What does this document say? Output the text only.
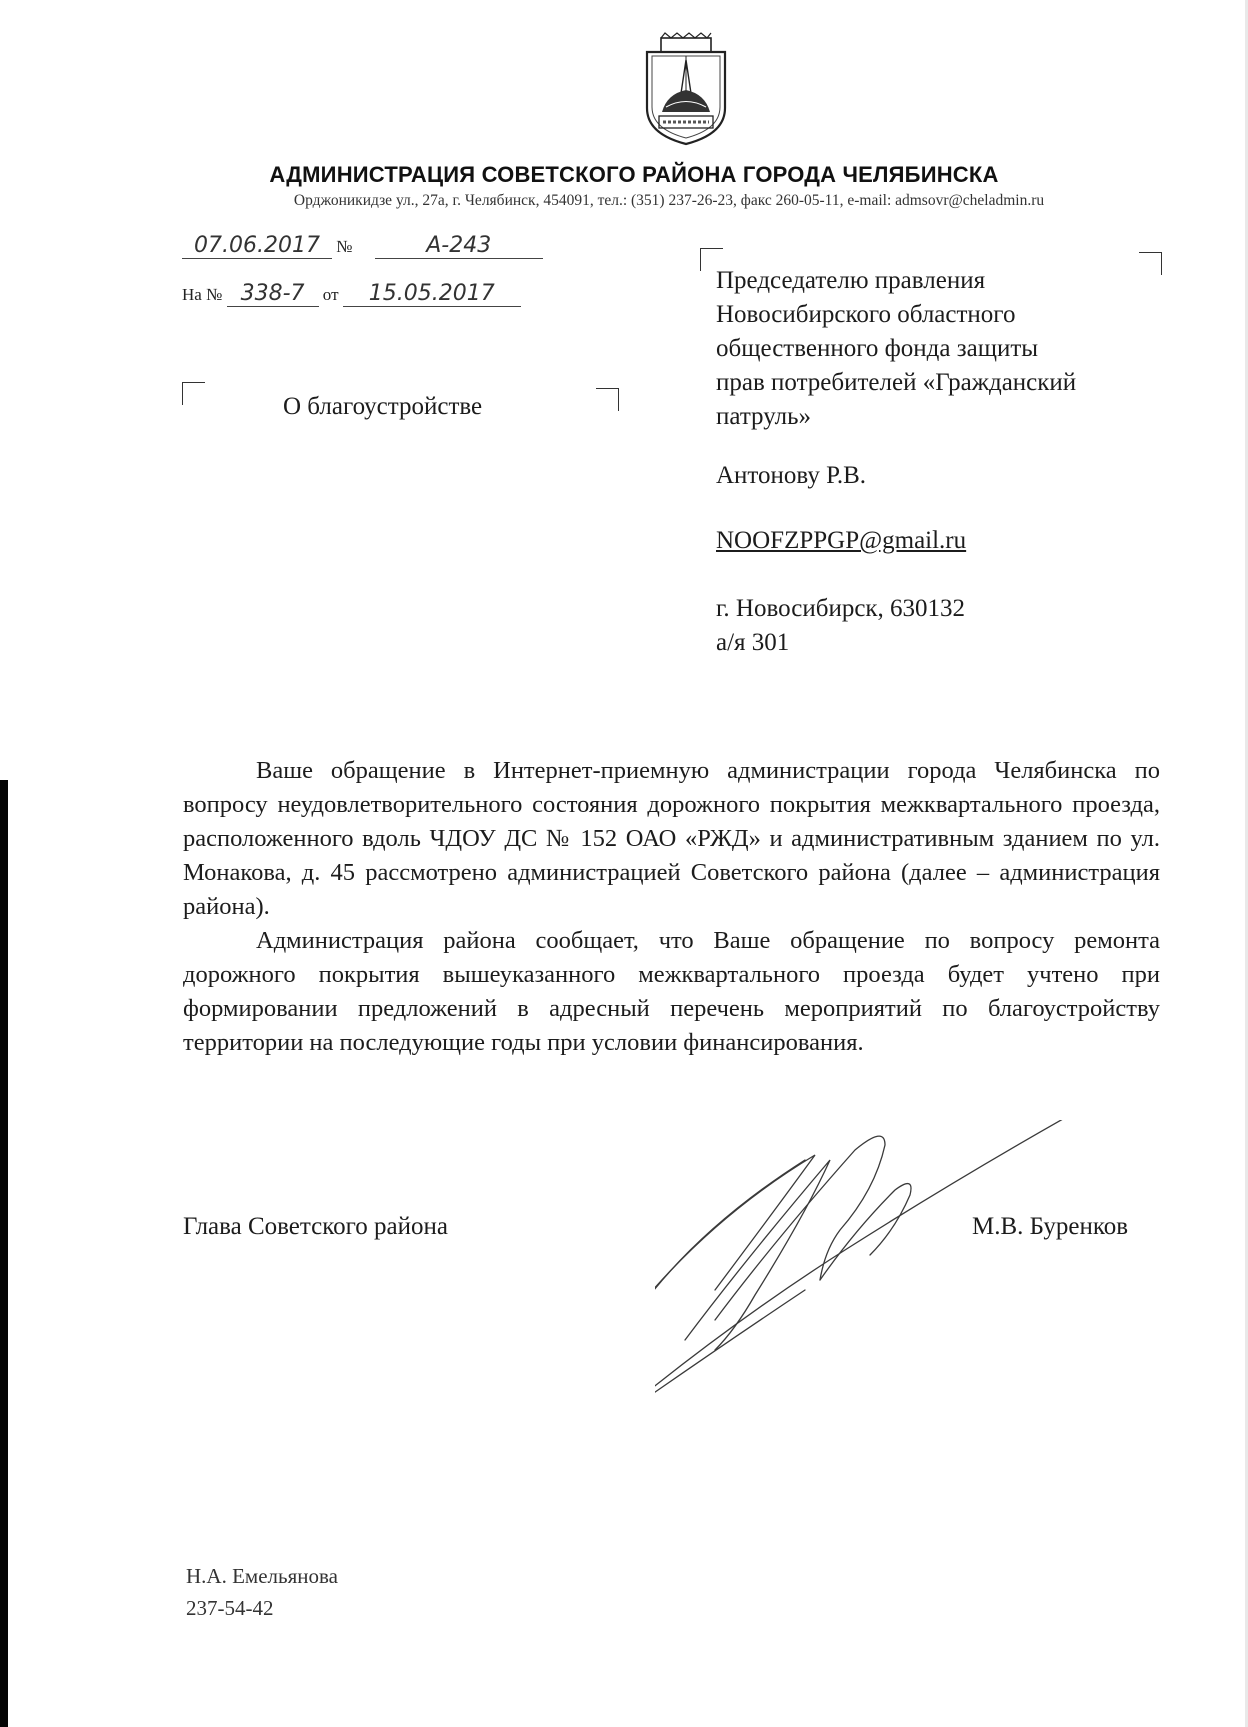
АДМИНИСТРАЦИЯ СОВЕТСКОГО РАЙОНА ГОРОДА ЧЕЛЯБИНСКА
Орджоникидзе ул., 27а, г. Челябинск, 454091, тел.: (351) 237-26-23, факс 260-05-11, e-mail: admsovr@cheladmin.ru
07.06.2017 №	А-243
На № 338-7 от 15.05.2017
О благоустройстве
Председателю правления
Новосибирского областного
общественного фонда защиты
прав потребителей «Гражданский
патруль»
Антонову Р.В.
NOOFZPPGP@gmail.ru
г. Новосибирск, 630132
а/я 301

Ваше обращение в Интернет-приемную администрации города Челябинска по вопросу неудовлетворительного состояния дорожного покрытия межквартального проезда, расположенного вдоль ЧДОУ ДС № 152 ОАО «РЖД» и административным зданием по ул. Монакова, д. 45 рассмотрено администрацией Советского района (далее – администрация района).

Администрация района сообщает, что Ваше обращение по вопросу ремонта дорожного покрытия вышеуказанного межквартального проезда будет учтено при формировании предложений в адресный перечень мероприятий по благоустройству территории на последующие годы при условии финансирования.

Глава Советского района	М.В. Буренков
Н.А. Емельянова
237-54-42
